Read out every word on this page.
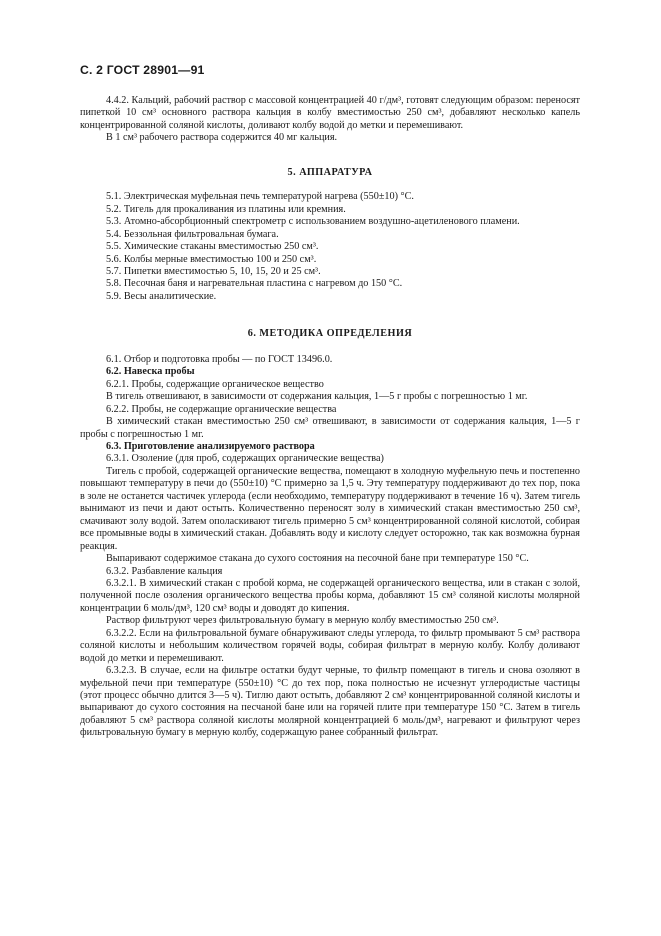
С. 2 ГОСТ 28901—91

4.4.2. Кальций, рабочий раствор с массовой концентрацией 40 г/дм³, готовят следующим образом: переносят пипеткой 10 см³ основного раствора кальция в колбу вместимостью 250 см³, добавляют несколько капель концентрированной соляной кислоты, доливают колбу водой до метки и перемешивают.

В 1 см³ рабочего раствора содержится 40 мг кальция.

5. АППАРАТУРА

5.1. Электрическая муфельная печь температурой нагрева (550±10) °С.

5.2. Тигель для прокаливания из платины или кремния.

5.3. Атомно-абсорбционный спектрометр с использованием воздушно-ацетиленового пламени.

5.4. Беззольная фильтровальная бумага.

5.5. Химические стаканы вместимостью 250 см³.

5.6. Колбы мерные вместимостью 100 и 250 см³.

5.7. Пипетки вместимостью 5, 10, 15, 20 и 25 см³.

5.8. Песочная баня и нагревательная пластина с нагревом до 150 °С.

5.9. Весы аналитические.

6. МЕТОДИКА ОПРЕДЕЛЕНИЯ

6.1. Отбор и подготовка пробы — по ГОСТ 13496.0.

6.2. Навеска пробы

6.2.1. Пробы, содержащие органическое вещество

В тигель отвешивают, в зависимости от содержания кальция, 1—5 г пробы с погрешностью 1 мг.

6.2.2. Пробы, не содержащие органические вещества

В химический стакан вместимостью 250 см³ отвешивают, в зависимости от содержания кальция, 1—5 г пробы с погрешностью 1 мг.

6.3. Приготовление анализируемого раствора

6.3.1. Озоление (для проб, содержащих органические вещества)

Тигель с пробой, содержащей органические вещества, помещают в холодную муфельную печь и постепенно повышают температуру в печи до (550±10) °С примерно за 1,5 ч. Эту температуру поддерживают до тех пор, пока в золе не останется частичек углерода (если необходимо, температуру поддерживают в течение 16 ч). Затем тигель вынимают из печи и дают остыть. Количественно переносят золу в химический стакан вместимостью 250 см³, смачивают золу водой. Затем ополаскивают тигель примерно 5 см³ концентрированной соляной кислотой, собирая все промывные воды в химический стакан. Добавлять воду и кислоту следует осторожно, так как возможна бурная реакция.

Выпаривают содержимое стакана до сухого состояния на песочной бане при температуре 150 °С.

6.3.2. Разбавление кальция

6.3.2.1. В химический стакан с пробой корма, не содержащей органического вещества, или в стакан с золой, полученной после озоления органического вещества пробы корма, добавляют 15 см³ соляной кислоты молярной концентрации 6 моль/дм³, 120 см³ воды и доводят до кипения.

Раствор фильтруют через фильтровальную бумагу в мерную колбу вместимостью 250 см³.

6.3.2.2. Если на фильтровальной бумаге обнаруживают следы углерода, то фильтр промывают 5 см³ раствора соляной кислоты и небольшим количеством горячей воды, собирая фильтрат в мерную колбу. Колбу доливают водой до метки и перемешивают.

6.3.2.3. В случае, если на фильтре остатки будут черные, то фильтр помещают в тигель и снова озоляют в муфельной печи при температуре (550±10) °С до тех пор, пока полностью не исчезнут углеродистые частицы (этот процесс обычно длится 3—5 ч). Тиглю дают остыть, добавляют 2 см³ концентрированной соляной кислоты и выпаривают до сухого состояния на песчаной бане или на горячей плите при температуре 150 °С. Затем в тигель добавляют 5 см³ раствора соляной кислоты молярной концентрацией 6 моль/дм³, нагревают и фильтруют через фильтровальную бумагу в мерную колбу, содержащую ранее собранный фильтрат.
